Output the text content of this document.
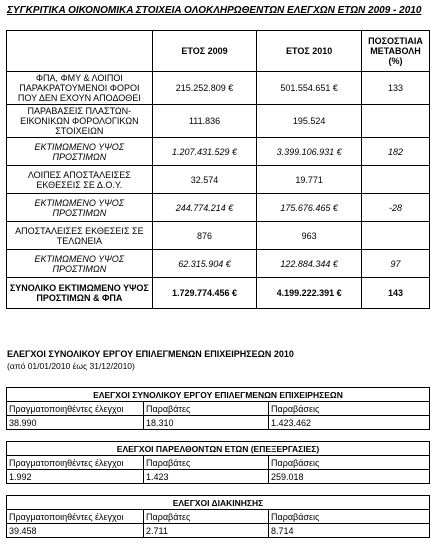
ΣΥΓΚΡΙΤΙΚΑ ΟΙΚΟΝΟΜΙΚΑ ΣΤΟΙΧΕΙΑ ΟΛΟΚΛΗΡΩΘΕΝΤΩΝ ΕΛΕΓΧΩΝ ΕΤΩΝ 2009 - 2010
	ΕΤΟΣ 2009	ΕΤΟΣ 2010	ΠΟΣΟΣΤΙΑΙΑ ΜΕΤΑΒΟΛΗ (%)
ΦΠΑ, ΦΜΥ & ΛΟΙΠΟΙ ΠΑΡΑΚΡΑΤΟΥΜΕΝΟΙ ΦΟΡΟΙ ΠΟΥ ΔΕΝ ΕΧΟΥΝ ΑΠΟΔΟΘΕΙ	215.252.809 €	501.554.651 €	133
ΠΑΡΑΒΑΣΕΙΣ ΠΛΑΣΤΩΝ- ΕΙΚΟΝΙΚΩΝ ΦΟΡΟΛΟΓΙΚΩΝ ΣΤΟΙΧΕΙΩΝ	111.836	195.524	
ΕΚΤΙΜΩΜΕΝΟ ΥΨΟΣ ΠΡΟΣΤΙΜΩΝ	1.207.431.529 €	3.399.106.931 €	182
ΛΟΙΠΕΣ ΑΠΟΣΤΑΛΕΙΣΕΣ ΕΚΘΕΣΕΙΣ ΣΕ Δ.Ο.Υ.	32.574	19.771	
ΕΚΤΙΜΩΜΕΝΟ ΥΨΟΣ ΠΡΟΣΤΙΜΩΝ	244.774.214 €	175.676.465 €	-28
ΑΠΟΣΤΑΛΕΙΣΕΣ ΕΚΘΕΣΕΙΣ ΣΕ ΤΕΛΩΝΕΙΑ	876	963	
ΕΚΤΙΜΩΜΕΝΟ ΥΨΟΣ ΠΡΟΣΤΙΜΩΝ	62.315.904 €	122.884.344 €	97
ΣΥΝΟΛΙΚΟ ΕΚΤΙΜΩΜΕΝΟ ΥΨΟΣ ΠΡΟΣΤΙΜΩΝ & ΦΠΑ	1.729.774.456 €	4.199.222.391 €	143
ΕΛΕΓΧΟΙ ΣΥΝΟΛΙΚΟΥ ΕΡΓΟΥ ΕΠΙΛΕΓΜΕΝΩΝ ΕΠΙΧΕΙΡΗΣΕΩΝ 2010
(από 01/01/2010 έως 31/12/2010)
ΕΛΕΓΧΟΙ ΣΥΝΟΛΙΚΟΥ ΕΡΓΟΥ ΕΠΙΛΕΓΜΕΝΩΝ ΕΠΙΧΕΙΡΗΣΕΩΝ		
Πραγματοποιηθέντες έλεγχοι	Παραβάτες	Παραβάσεις
38.990	18.310	1.423.462
ΕΛΕΓΧΟΙ ΠΑΡΕΛΘΟΝΤΩΝ ΕΤΩΝ (ΕΠΕΞΕΡΓΑΣΙΕΣ)		
Πραγματοποιηθέντες έλεγχοι	Παραβάτες	Παραβάσεις
1.992	1.423	259.018
ΕΛΕΓΧΟΙ ΔΙΑΚΙΝΗΣΗΣ		
Πραγματοποιηθέντες έλεγχοι	Παραβάτες	Παραβάσεις
39.458	2.711	8.714
